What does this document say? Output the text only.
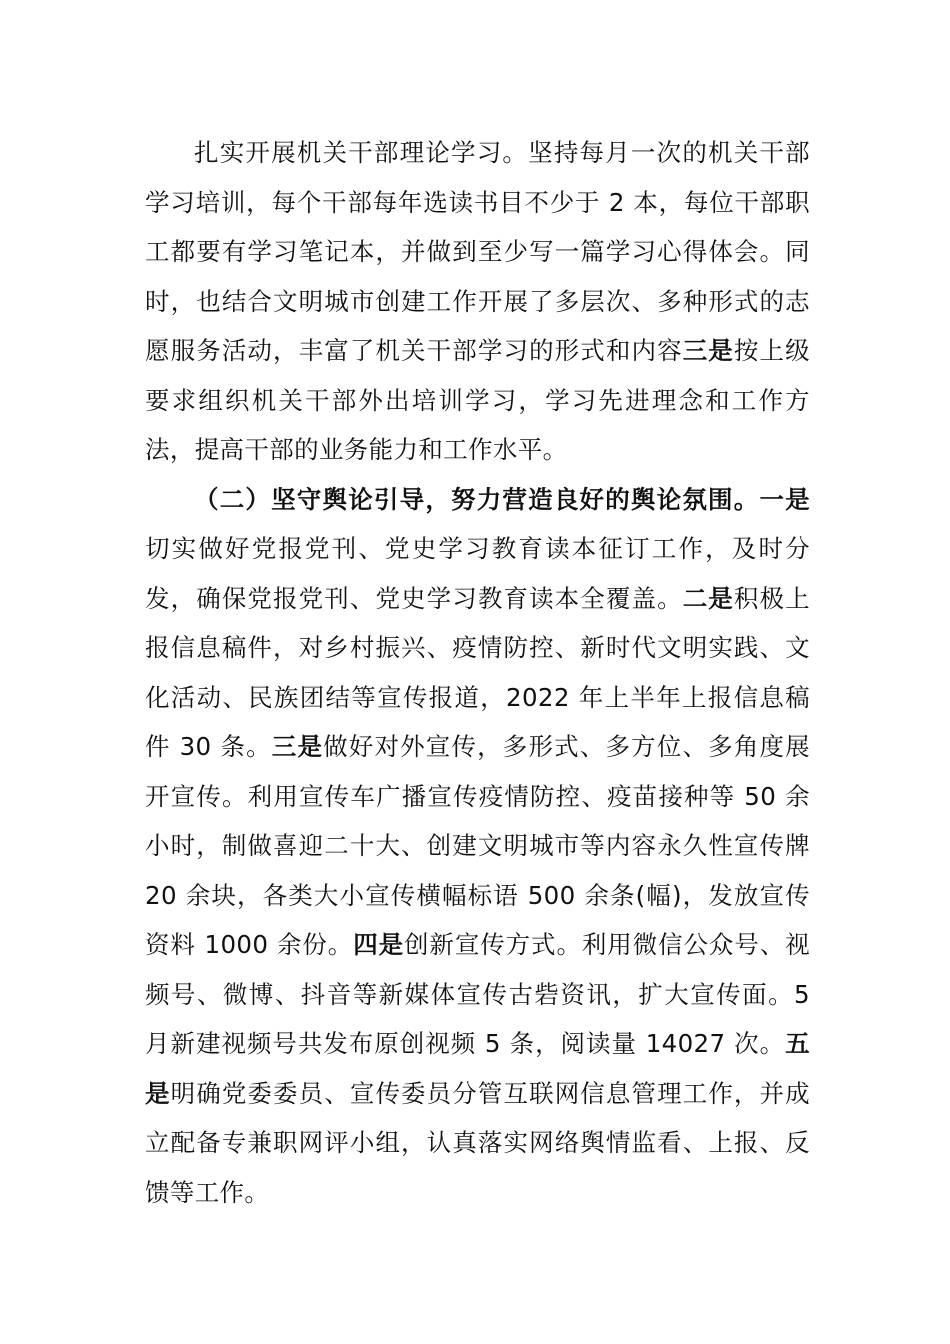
扎实开展机关干部理论学习。坚持每月一次的机关干部学习培训，每个干部每年选读书目不少于 2 本，每位干部职工都要有学习笔记本，并做到至少写一篇学习心得体会。同时，也结合文明城市创建工作开展了多层次、多种形式的志愿服务活动，丰富了机关干部学习的形式和内容三是按上级要求组织机关干部外出培训学习，学习先进理念和工作方法，提高干部的业务能力和工作水平。

（二）坚守舆论引导，努力营造良好的舆论氛围。一是切实做好党报党刊、党史学习教育读本征订工作，及时分发，确保党报党刊、党史学习教育读本全覆盖。二是积极上报信息稿件，对乡村振兴、疫情防控、新时代文明实践、文化活动、民族团结等宣传报道，2022 年上半年上报信息稿件 30 条。三是做好对外宣传，多形式、多方位、多角度展开宣传。利用宣传车广播宣传疫情防控、疫苗接种等 50 余小时，制做喜迎二十大、创建文明城市等内容永久性宣传牌 20 余块，各类大小宣传横幅标语 500 余条(幅)，发放宣传资料 1000 余份。四是创新宣传方式。利用微信公众号、视频号、微博、抖音等新媒体宣传古砦资讯，扩大宣传面。5 月新建视频号共发布原创视频 5 条，阅读量 14027 次。五是明确党委委员、宣传委员分管互联网信息管理工作，并成立配备专兼职网评小组，认真落实网络舆情监看、上报、反馈等工作。
